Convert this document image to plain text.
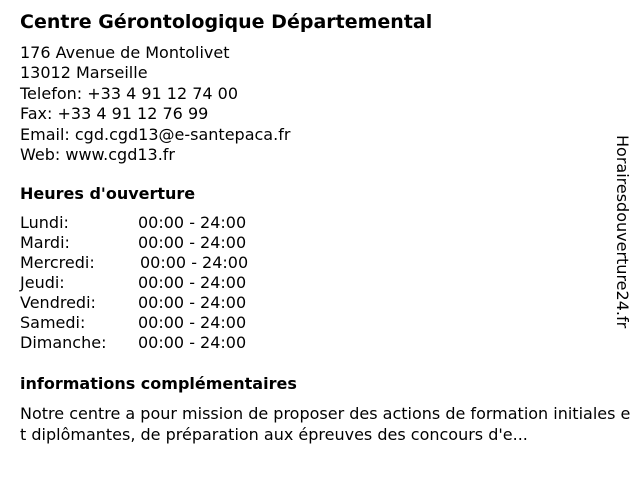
Centre Gérontologique Départemental
176 Avenue de Montolivet
13012 Marseille
Telefon: +33 4 91 12 74 00
Fax: +33 4 91 12 76 99
Email: cgd.cgd13@e-santepaca.fr
Web: www.cgd13.fr
Heures d'ouverture
Lundi:	00:00 - 24:00
Mardi:	00:00 - 24:00
Mercredi:	00:00 - 24:00
Jeudi:	00:00 - 24:00
Vendredi:	00:00 - 24:00
Samedi:	00:00 - 24:00
Dimanche: 00:00 - 24:00
informations complémentaires
Notre centre a pour mission de proposer des actions de formation initiales et diplômantes, de préparation aux épreuves des concours d'e...
Horairesdouverture24.fr
